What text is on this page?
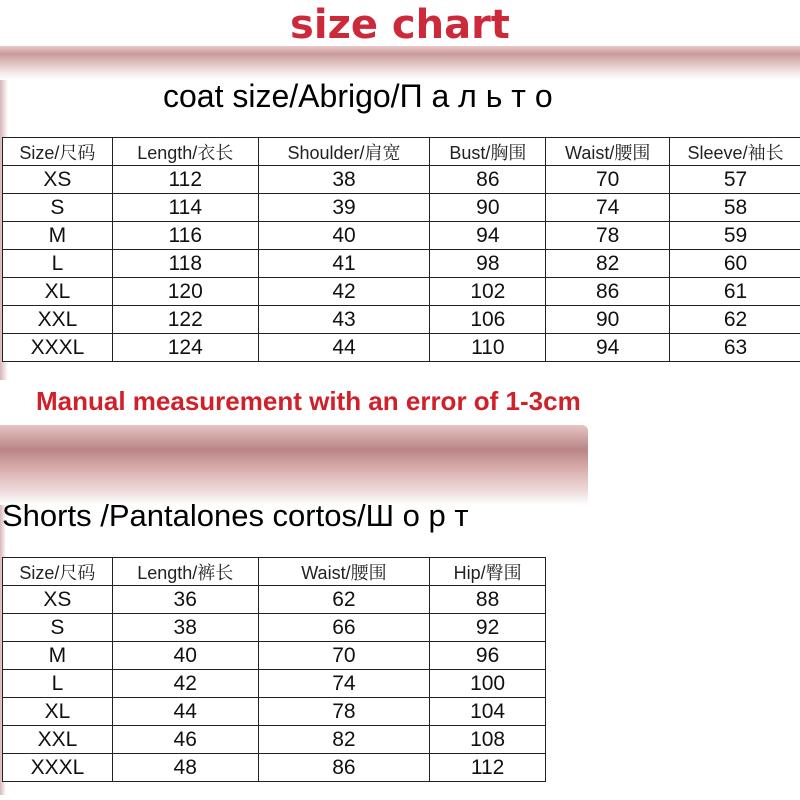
size chart
coat size/Abrigo/П а л ь т о
Size/尺码	Length/衣长	Shoulder/肩宽	Bust/胸围	Waist/腰围	Sleeve/袖长
XS	112	38	86	70	57
S	114	39	90	74	58
M	116	40	94	78	59
L	118	41	98	82	60
XL	120	42	102	86	61
XXL	122	43	106	90	62
XXXL	124	44	110	94	63
Manual measurement with an error of 1-3cm
Shorts /Pantalones cortos/Ш о р т
Size/尺码	Length/裤长	Waist/腰围	Hip/臀围
XS	36	62	88
S	38	66	92
M	40	70	96
L	42	74	100
XL	44	78	104
XXL	46	82	108
XXXL	48	86	112
